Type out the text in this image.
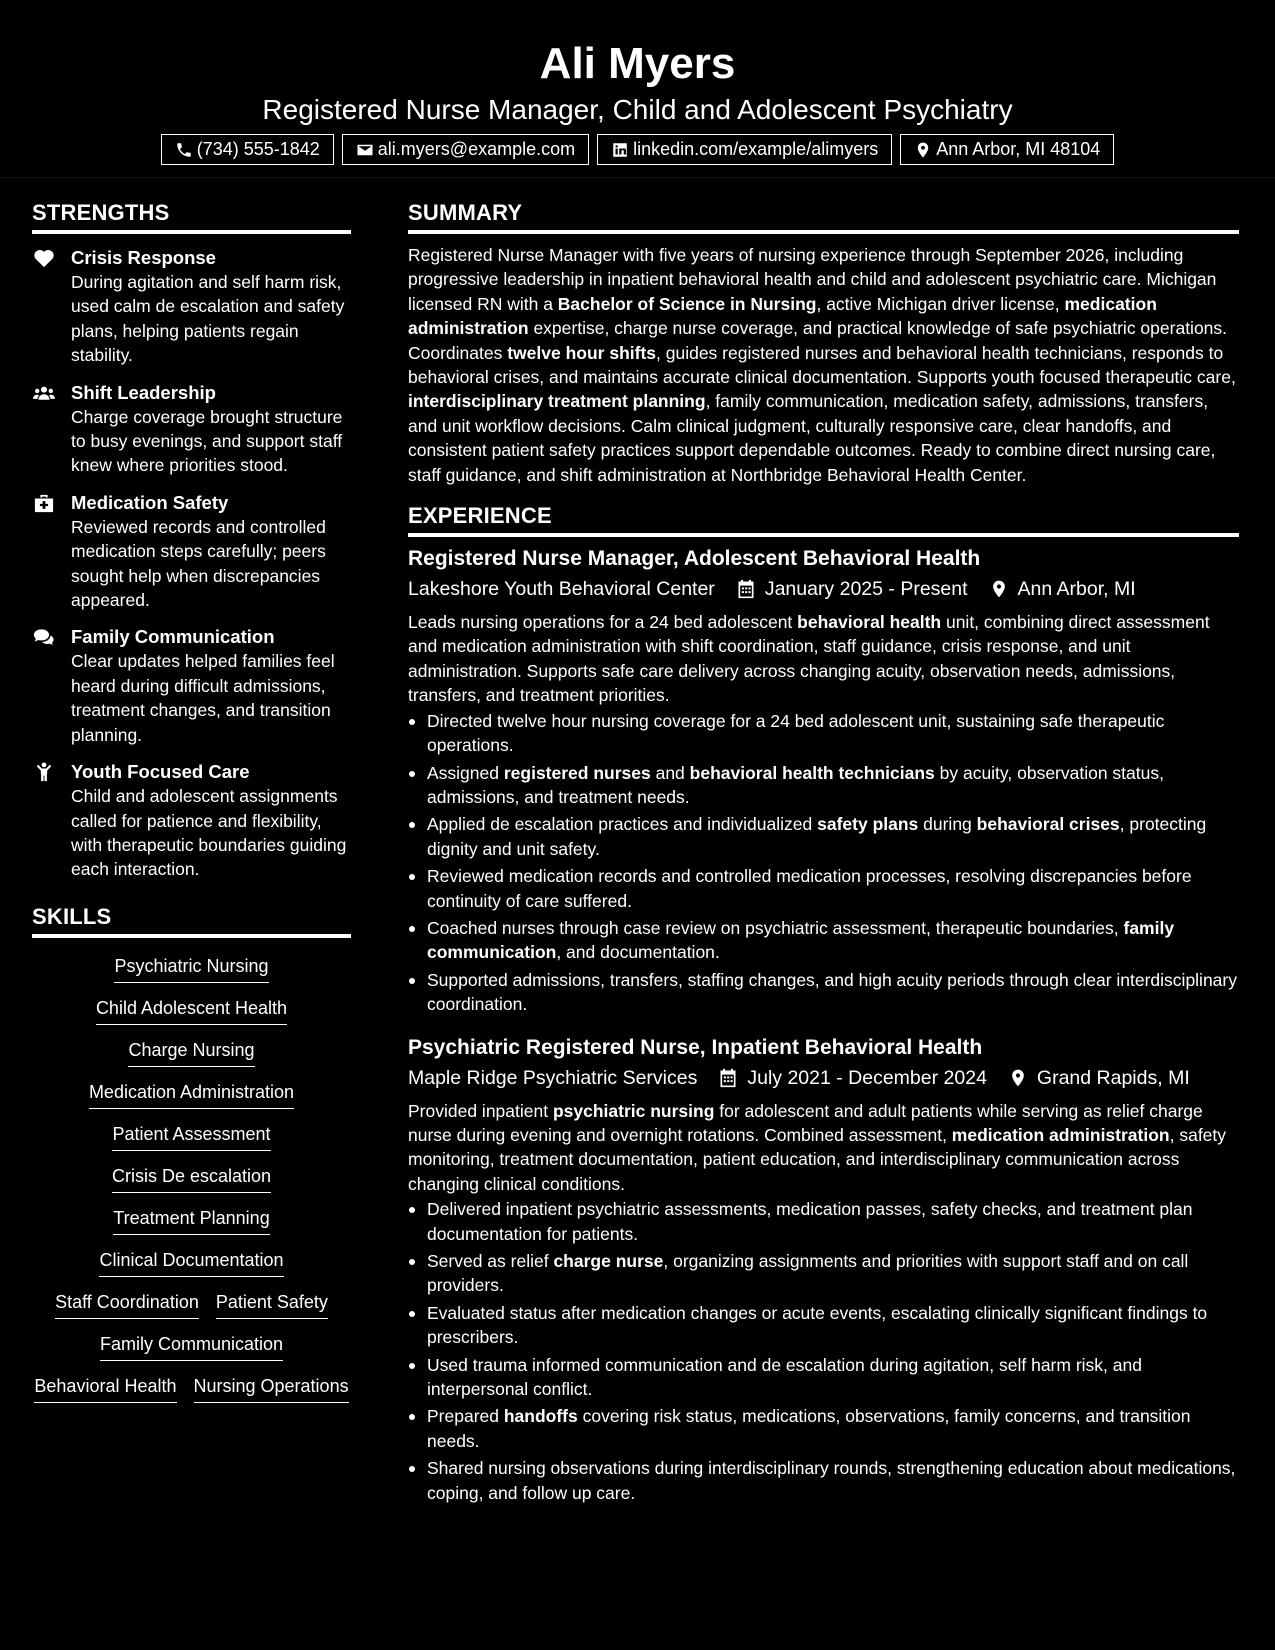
Ali Myers
Registered Nurse Manager, Child and Adolescent Psychiatry
(734) 555-1842	ali.myers@example.com	linkedin.com/example/alimyers	Ann Arbor, MI 48104
STRENGTHS
Crisis Response
During agitation and self harm risk, used calm de escalation and safety plans, helping patients regain stability.
Shift Leadership
Charge coverage brought structure to busy evenings, and support staff knew where priorities stood.
Medication Safety
Reviewed records and controlled medication steps carefully; peers sought help when discrepancies appeared.
Family Communication
Clear updates helped families feel heard during difficult admissions, treatment changes, and transition planning.
Youth Focused Care
Child and adolescent assignments called for patience and flexibility, with therapeutic boundaries guiding each interaction.
SKILLS
Psychiatric Nursing
Child Adolescent Health
Charge Nursing
Medication Administration
Patient Assessment
Crisis De escalation
Treatment Planning
Clinical Documentation
Staff Coordination Patient Safety
Family Communication
Behavioral Health Nursing Operations
SUMMARY
Registered Nurse Manager with five years of nursing experience through September 2026, including progressive leadership in inpatient behavioral health and child and adolescent psychiatric care. Michigan licensed RN with a Bachelor of Science in Nursing, active Michigan driver license, medication administration expertise, charge nurse coverage, and practical knowledge of safe psychiatric operations. Coordinates twelve hour shifts, guides registered nurses and behavioral health technicians, responds to behavioral crises, and maintains accurate clinical documentation. Supports youth focused therapeutic care, interdisciplinary treatment planning, family communication, medication safety, admissions, transfers, and unit workflow decisions. Calm clinical judgment, culturally responsive care, clear handoffs, and consistent patient safety practices support dependable outcomes. Ready to combine direct nursing care, staff guidance, and shift administration at Northbridge Behavioral Health Center.
EXPERIENCE
Registered Nurse Manager, Adolescent Behavioral Health
Lakeshore Youth Behavioral Center	January 2025 - Present	Ann Arbor, MI
Leads nursing operations for a 24 bed adolescent behavioral health unit, combining direct assessment and medication administration with shift coordination, staff guidance, crisis response, and unit administration. Supports safe care delivery across changing acuity, observation needs, admissions, transfers, and treatment priorities.
Directed twelve hour nursing coverage for a 24 bed adolescent unit, sustaining safe therapeutic operations.
Assigned registered nurses and behavioral health technicians by acuity, observation status, admissions, and treatment needs.
Applied de escalation practices and individualized safety plans during behavioral crises, protecting dignity and unit safety.
Reviewed medication records and controlled medication processes, resolving discrepancies before continuity of care suffered.
Coached nurses through case review on psychiatric assessment, therapeutic boundaries, family communication, and documentation.
Supported admissions, transfers, staffing changes, and high acuity periods through clear interdisciplinary coordination.
Psychiatric Registered Nurse, Inpatient Behavioral Health
Maple Ridge Psychiatric Services	July 2021 - December 2024	Grand Rapids, MI
Provided inpatient psychiatric nursing for adolescent and adult patients while serving as relief charge nurse during evening and overnight rotations. Combined assessment, medication administration, safety monitoring, treatment documentation, patient education, and interdisciplinary communication across changing clinical conditions.
Delivered inpatient psychiatric assessments, medication passes, safety checks, and treatment plan documentation for patients.
Served as relief charge nurse, organizing assignments and priorities with support staff and on call providers.
Evaluated status after medication changes or acute events, escalating clinically significant findings to prescribers.
Used trauma informed communication and de escalation during agitation, self harm risk, and interpersonal conflict.
Prepared handoffs covering risk status, medications, observations, family concerns, and transition needs.
Shared nursing observations during interdisciplinary rounds, strengthening education about medications, coping, and follow up care.
